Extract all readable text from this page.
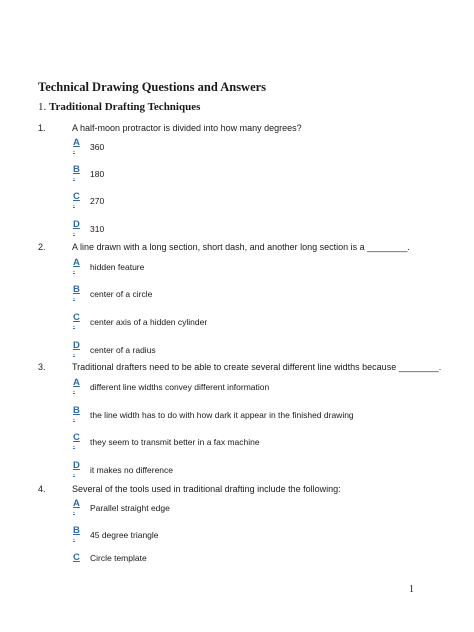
Technical Drawing Questions and Answers
1. Traditional Drafting Techniques
1.	A half-moon protractor is divided into how many degrees?
A
.	360
B
.	180
C
.	270
D
.	310
2.	A line drawn with a long section, short dash, and another long section is a ________.
A
.	hidden feature
B
.	center of a circle
C
.	center axis of a hidden cylinder
D
.	center of a radius
3.	Traditional drafters need to be able to create several different line widths because ________.
A
.	different line widths convey different information
B
.	the line width has to do with how dark it appear in the finished drawing
C
.	they seem to transmit better in a fax machine
D
.	it makes no difference
4.	Several of the tools used in traditional drafting include the following:
A
.	Parallel straight edge
B
.	45 degree triangle
C	Circle template
1
